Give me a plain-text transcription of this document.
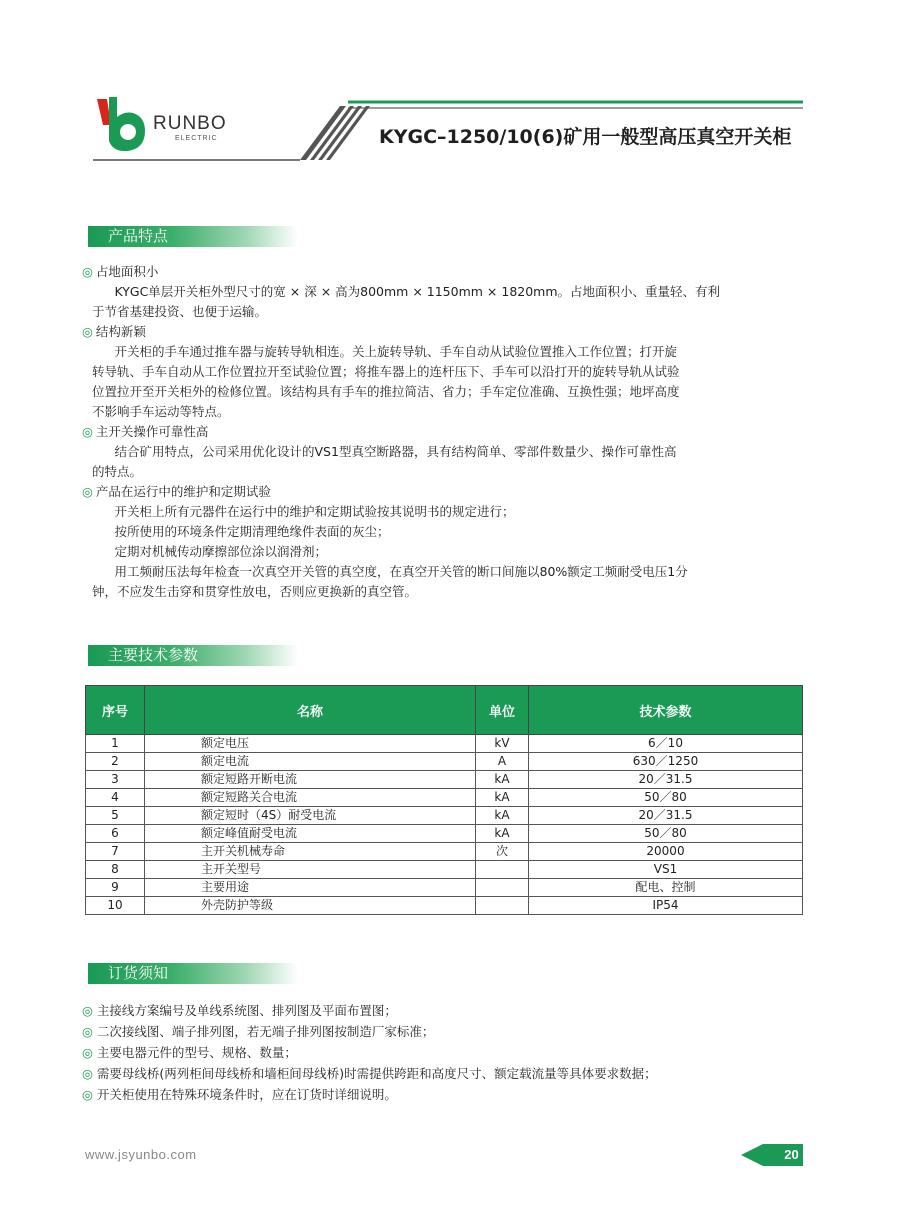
RUNBO
ELECTRIC	KYGC–1250/10(6)矿用一般型高压真空开关柜
产品特点
◎ 占地面积小
KYGC单层开关柜外型尺寸的宽 × 深 × 高为800mm × 1150mm × 1820mm。占地面积小、重量轻、有利
于节省基建投资、也便于运输。
◎ 结构新颖
开关柜的手车通过推车器与旋转导轨相连。关上旋转导轨、手车自动从试验位置推入工作位置；打开旋
转导轨、手车自动从工作位置拉开至试验位置；将推车器上的连杆压下、手车可以沿打开的旋转导轨从试验
位置拉开至开关柜外的检修位置。该结构具有手车的推拉简洁、省力；手车定位准确、互换性强；地坪高度
不影响手车运动等特点。
◎ 主开关操作可靠性高
结合矿用特点，公司采用优化设计的VS1型真空断路器，具有结构简单、零部件数量少、操作可靠性高
的特点。
◎ 产品在运行中的维护和定期试验
开关柜上所有元器件在运行中的维护和定期试验按其说明书的规定进行；
按所使用的环境条件定期清理绝缘件表面的灰尘；
定期对机械传动摩擦部位涂以润滑剂；
用工频耐压法每年检查一次真空开关管的真空度，在真空开关管的断口间施以80%额定工频耐受电压1分
钟，不应发生击穿和贯穿性放电，否则应更换新的真空管。
主要技术参数
序号	名称	单位	技术参数
1	额定电压	kV	6／10
2	额定电流	A	630／1250
3	额定短路开断电流	kA	20／31.5
4	额定短路关合电流	kA	50／80
5	额定短时（4S）耐受电流	kA	20／31.5
6	额定峰值耐受电流	kA	50／80
7	主开关机械寿命	次	20000
8	主开关型号		VS1
9	主要用途		配电、控制
10	外壳防护等级		IP54
订货须知
◎ 主接线方案编号及单线系统图、排列图及平面布置图；
◎ 二次接线图、端子排列图，若无端子排列图按制造厂家标准；
◎ 主要电器元件的型号、规格、数量；
◎ 需要母线桥(两列柜间母线桥和墙柜间母线桥)时需提供跨距和高度尺寸、额定载流量等具体要求数据；
◎ 开关柜使用在特殊环境条件时，应在订货时详细说明。
www.jsyunbo.com	20
